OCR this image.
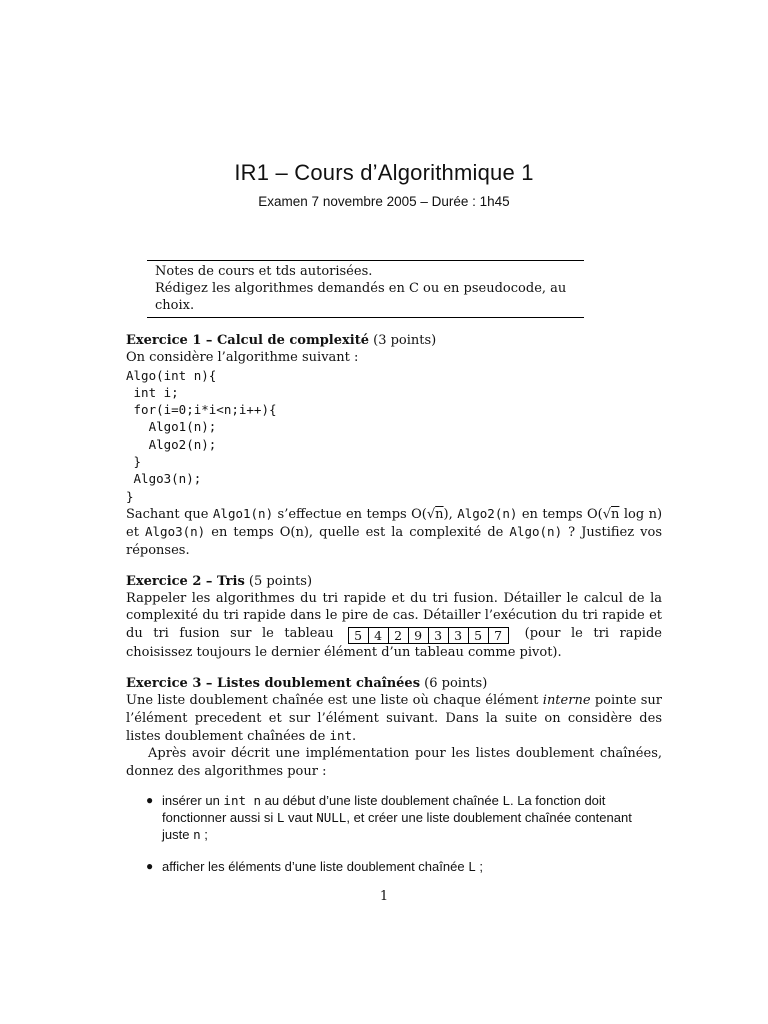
IR1 – Cours d’Algorithmique 1
Examen 7 novembre 2005 – Durée : 1h45
Notes de cours et tds autorisées.
Rédigez les algorithmes demandés en C ou en pseudocode, au choix.

Exercice 1 – Calcul de complexité (3 points)

On considère l’algorithme suivant :

Algo(int n){
int i;
for(i=0;i*i<n;i++){
Algo1(n);
Algo2(n);
}
Algo3(n);
}

Sachant que Algo1(n) s’effectue en temps O(√n), Algo2(n) en temps O(√n log n) et Algo3(n) en temps O(n), quelle est la complexité de Algo(n) ? Justifiez vos réponses.

Exercice 2 – Tris (5 points)

Rappeler les algorithmes du tri rapide et du tri fusion. Détailler le calcul de la complexité du tri rapide dans le pire de cas. Détailler l’exécution du tri rapide et du tri fusion sur le tableau	5 4 2 9 3 3 5 7	(pour le tri rapide choisissez toujours le dernier élément d’un tableau comme pivot).

Exercice 3 – Listes doublement chaînées (6 points)

Une liste doublement chaînée est une liste où chaque élément interne pointe sur l’élément precedent et sur l’élément suivant. Dans la suite on considère des listes doublement chaînées de int.

Après avoir décrit une implémentation pour les listes doublement chaînées, donnez des algorithmes pour :

● insérer un int n au début d’une liste doublement chaînée L. La fonction doit fonctionner aussi si L vaut NULL, et créer une liste doublement chaînée contenant juste n ;
● afficher les éléments d’une liste doublement chaînée L ;
1
